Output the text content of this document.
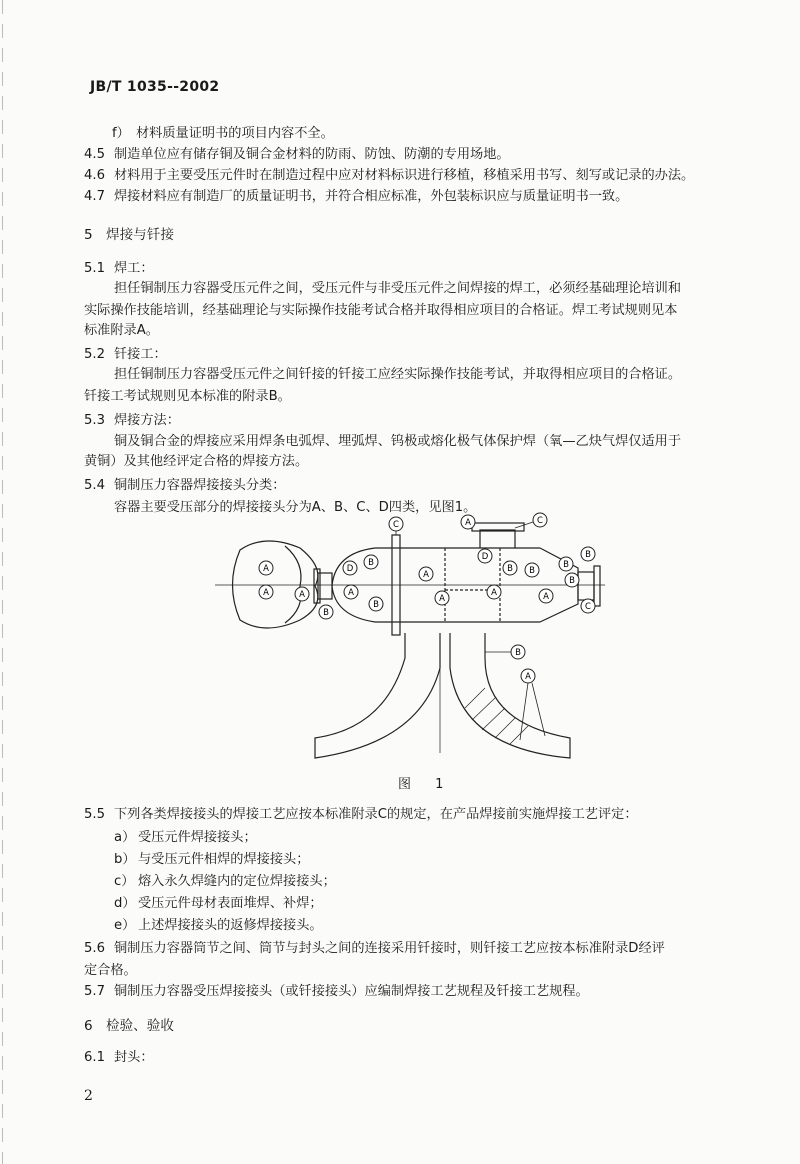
JB/T 1035--2002
f） 材料质量证明书的项目内容不全。
4.5 制造单位应有储存铜及铜合金材料的防雨、防蚀、防潮的专用场地。
4.6 材料用于主要受压元件时在制造过程中应对材料标识进行移植，移植采用书写、刻写或记录的办法。
4.7 焊接材料应有制造厂的质量证明书，并符合相应标准，外包装标识应与质量证明书一致。
5 焊接与钎接
5.1 焊工：
担任铜制压力容器受压元件之间，受压元件与非受压元件之间焊接的焊工，必须经基础理论培训和
实际操作技能培训，经基础理论与实际操作技能考试合格并取得相应项目的合格证。焊工考试规则见本
标准附录A。
5.2 钎接工：
担任铜制压力容器受压元件之间钎接的钎接工应经实际操作技能考试，并取得相应项目的合格证。
钎接工考试规则见本标准的附录B。
5.3 焊接方法：
铜及铜合金的焊接应采用焊条电弧焊、埋弧焊、钨极或熔化极气体保护焊（氧—乙炔气焊仅适用于
黄铜）及其他经评定合格的焊接方法。
5.4 铜制压力容器焊接接头分类：
容器主要受压部分的焊接接头分为A、B、C、D四类，见图1。
5.5 下列各类焊接接头的焊接工艺应按本标准附录C的规定，在产品焊接前实施焊接工艺评定：
a） 受压元件焊接接头；
b） 与受压元件相焊的焊接接头；
c） 熔入永久焊缝内的定位焊接接头；
d） 受压元件母材表面堆焊、补焊；
e） 上述焊接接头的返修焊接接头。
5.6 铜制压力容器筒节之间、筒节与封头之间的连接采用钎接时，则钎接工艺应按本标准附录D经评
定合格。
5.7 铜制压力容器受压焊接接头（或钎接接头）应编制焊接工艺规程及钎接工艺规程。
6 检验、验收
6.1 封头：
A
A	A
B
D
B
A
B
C
A
A
A	C
D
B
A
B
A
B
B
B
C
B
A
图 1
2
